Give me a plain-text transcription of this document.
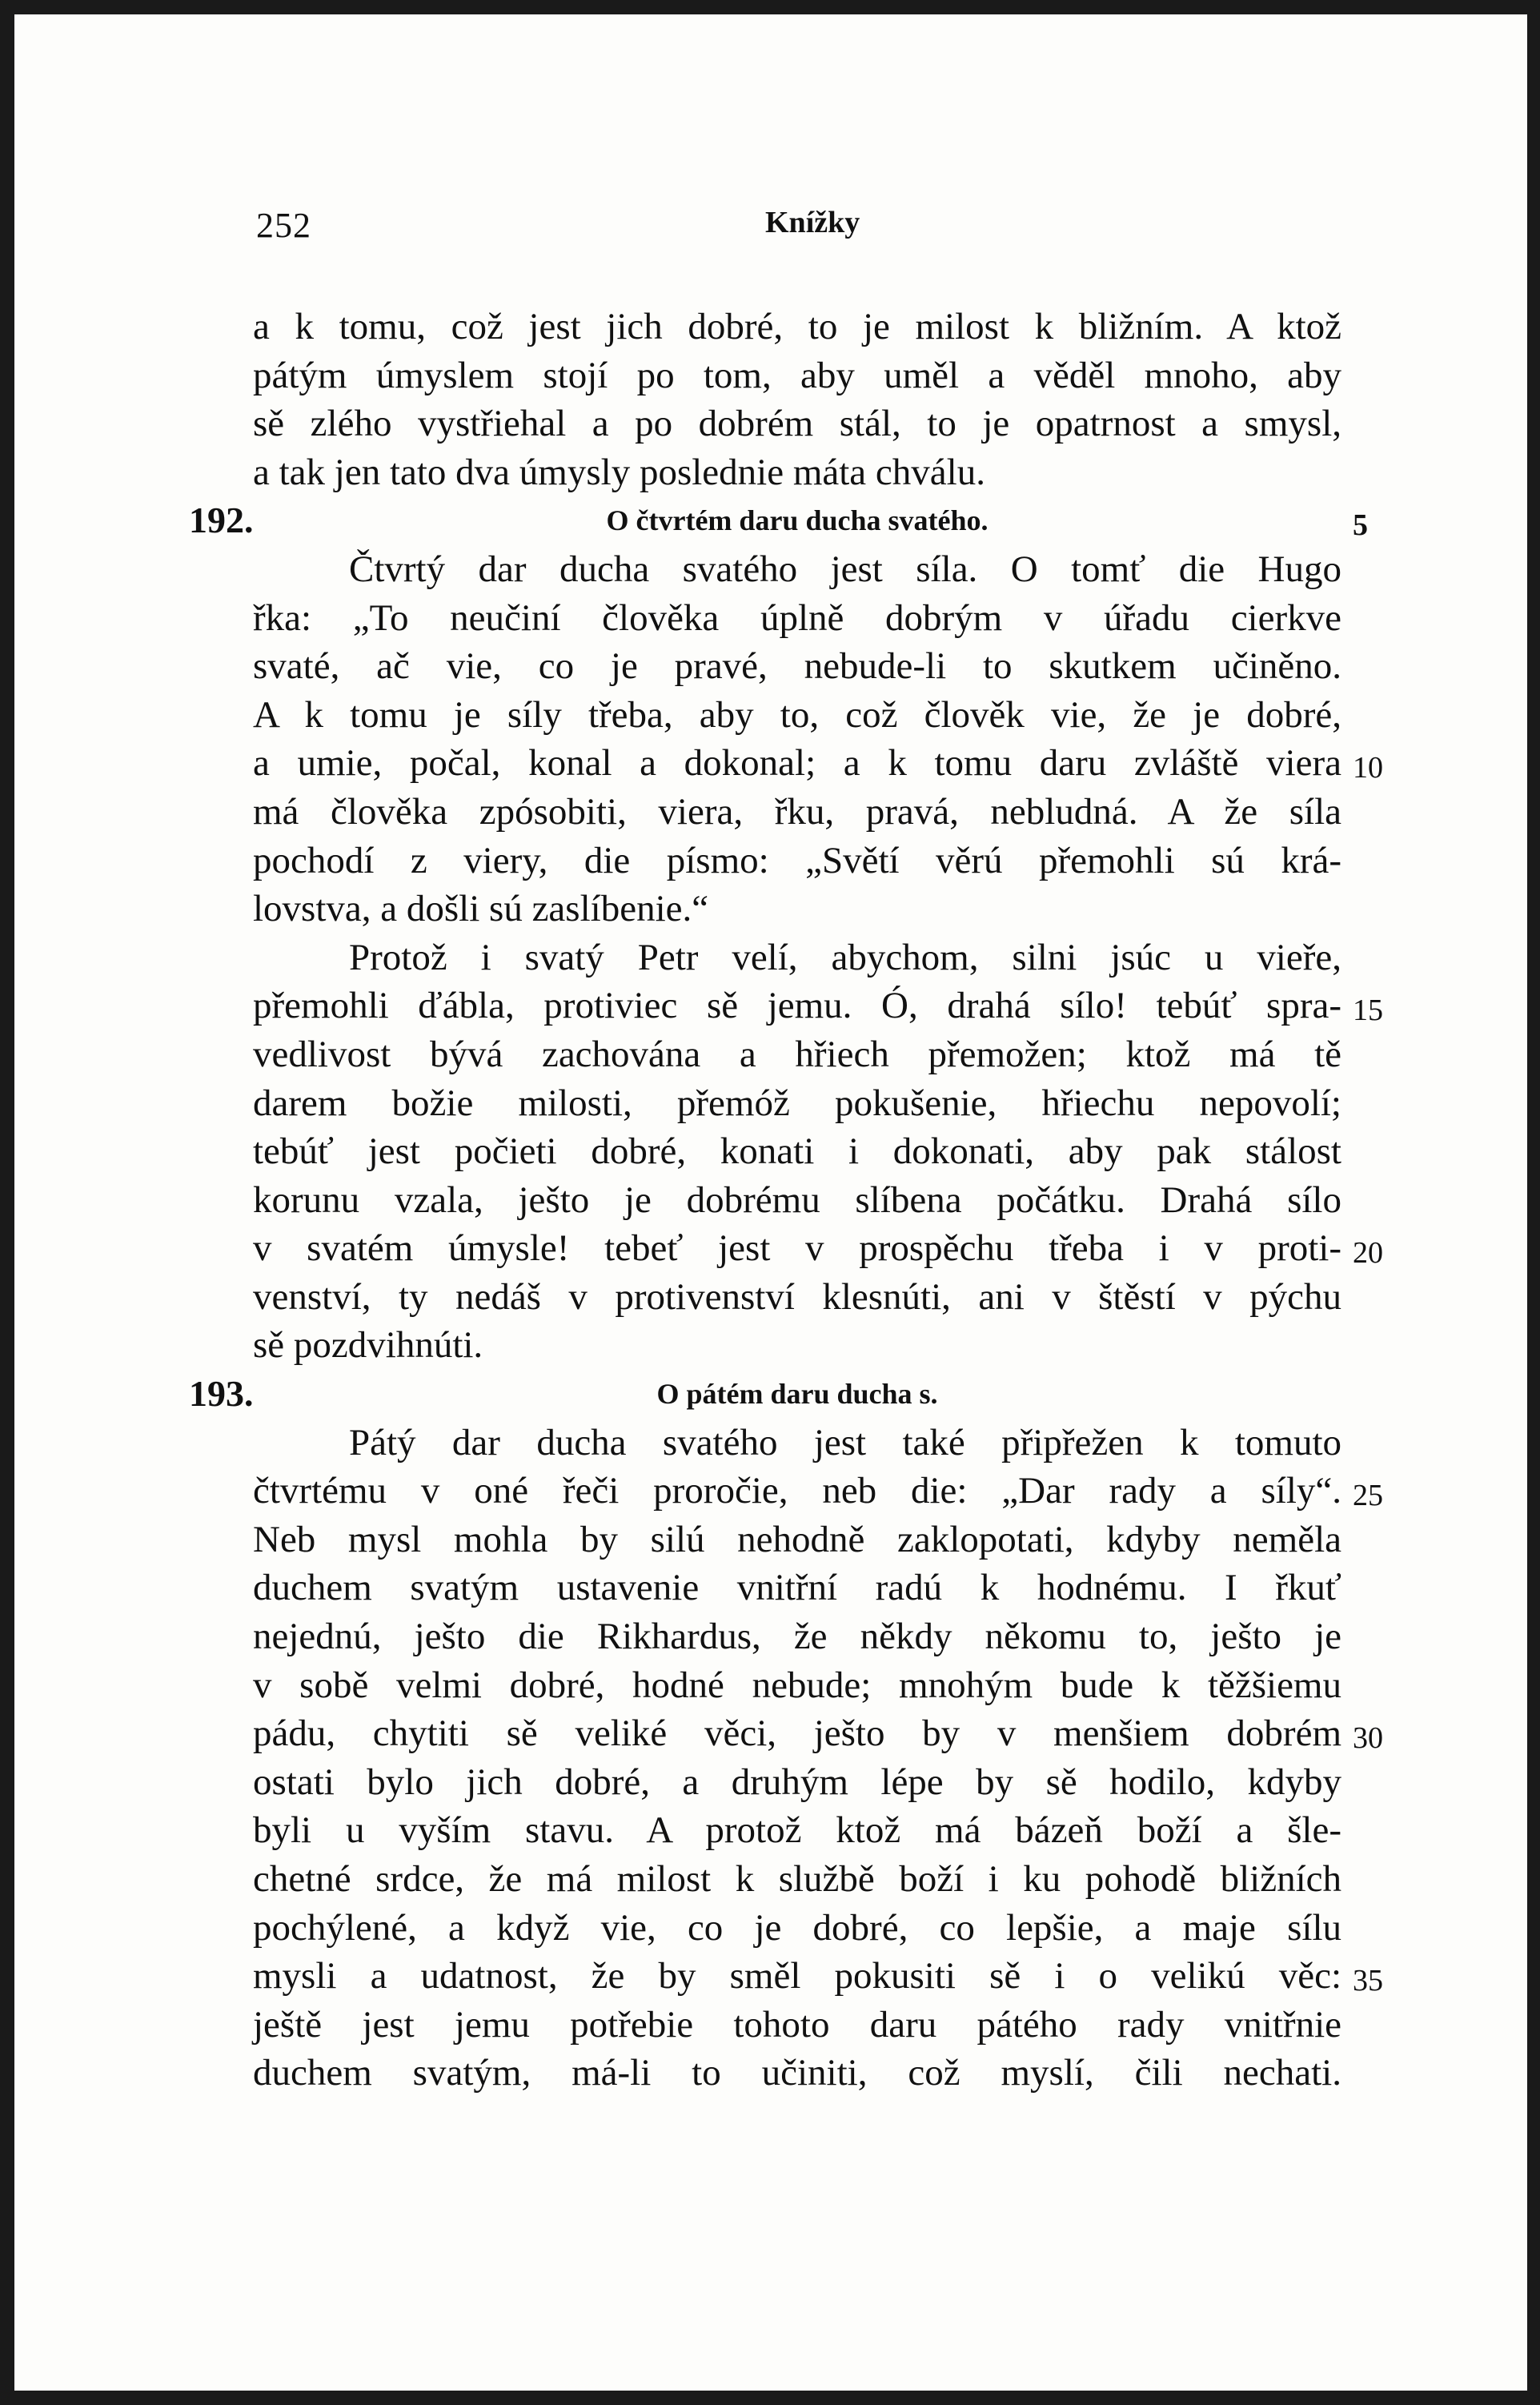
252	Knížky
a k tomu, což jest jich dobré, to je milost k bližním. A ktož
pátým úmyslem stojí po tom, aby uměl a věděl mnoho, aby
sě zlého vystřiehal a po dobrém stál, to je opatrnost a smysl,
a tak jen tato dva úmysly poslednie máta chválu.
192.	O čtvrtém daru ducha svatého.	5
Čtvrtý dar ducha svatého jest síla. O tomť die Hugo
řka: „To neučiní člověka úplně dobrým v úřadu cierkve
svaté, ač vie, co je pravé, nebude-li to skutkem učiněno.
A k tomu je síly třeba, aby to, což člověk vie, že je dobré,
a umie, počal, konal a dokonal; a k tomu daru zvláště viera 10
má člověka zpósobiti, viera, řku, pravá, nebludná. A že síla
pochodí z viery, die písmo: „Světí věrú přemohli sú krá-
lovstva, a došli sú zaslíbenie.“
Protož i svatý Petr velí, abychom, silni jsúc u vieře,
přemohli ďábla, protiviec sě jemu. Ó, drahá sílo! tebúť spra- 15
vedlivost bývá zachována a hřiech přemožen; ktož má tě
darem božie milosti, přemóž pokušenie, hřiechu nepovolí;
tebúť jest počieti dobré, konati i dokonati, aby pak stálost
korunu vzala, ješto je dobrému slíbena počátku. Drahá sílo
v svatém úmysle! tebeť jest v prospěchu třeba i v proti- 20
venství, ty nedáš v protivenství klesnúti, ani v štěstí v pýchu
sě pozdvihnúti.
193.	O pátém daru ducha s.
Pátý dar ducha svatého jest také připřežen k tomuto
čtvrtému v oné řeči proročie, neb die: „Dar rady a síly“. 25
Neb mysl mohla by silú nehodně zaklopotati, kdyby neměla
duchem svatým ustavenie vnitřní radú k hodnému. I řkuť
nejednú, ješto die Rikhardus, že někdy někomu to, ješto je
v sobě velmi dobré, hodné nebude; mnohým bude k těžšiemu
pádu, chytiti sě veliké věci, ješto by v menšiem dobrém 30
ostati bylo jich dobré, a druhým lépe by sě hodilo, kdyby
byli u vyším stavu. A protož ktož má bázeň boží a šle-
chetné srdce, že má milost k službě boží i ku pohodě bližních
pochýlené, a když vie, co je dobré, co lepšie, a maje sílu
mysli a udatnost, že by směl pokusiti sě i o velikú věc: 35
ještě jest jemu potřebie tohoto daru pátého rady vnitřnie
duchem svatým, má-li to učiniti, což myslí, čili nechati.
